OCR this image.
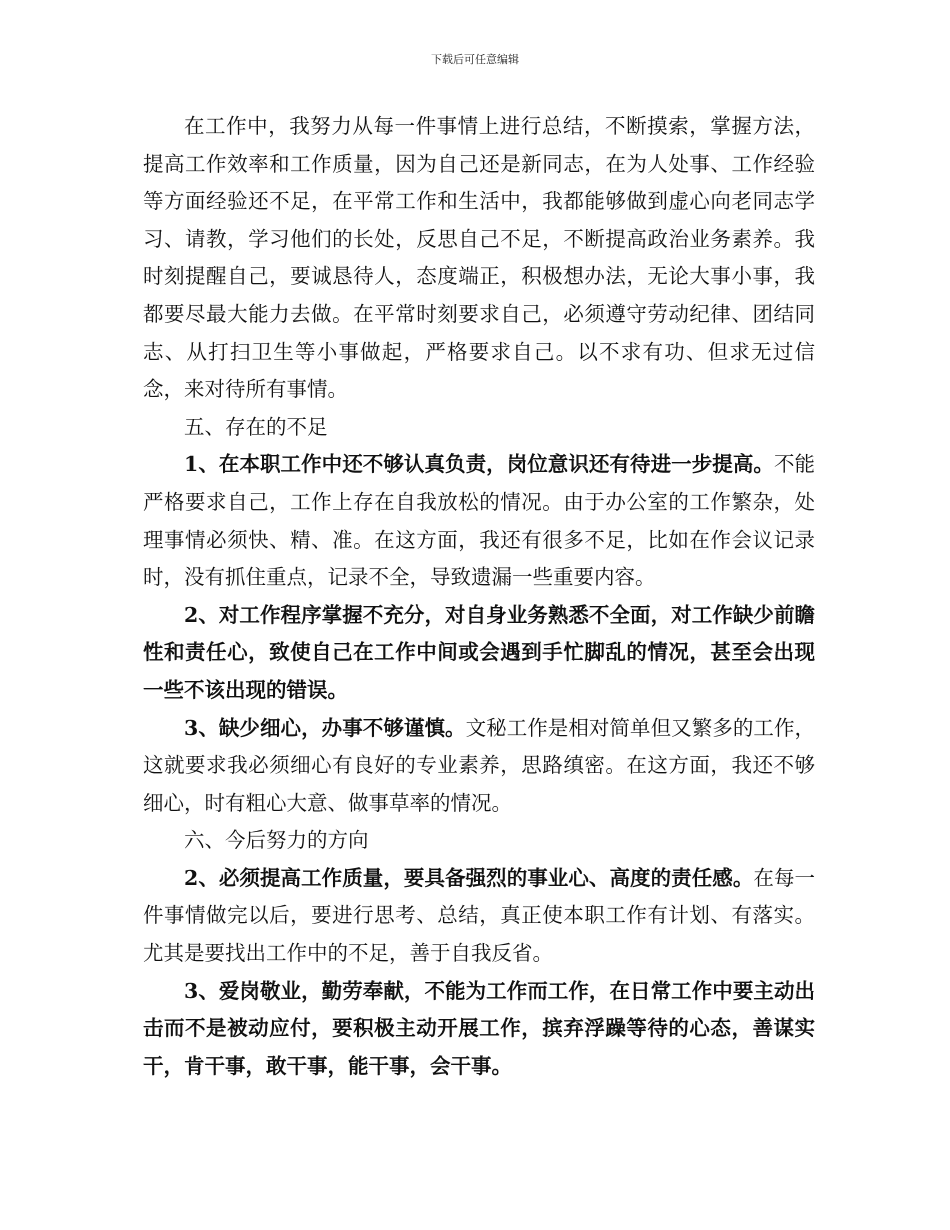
下载后可任意编辑

在工作中，我努力从每一件事情上进行总结，不断摸索，掌握方法，提高工作效率和工作质量，因为自己还是新同志，在为人处事、工作经验等方面经验还不足，在平常工作和生活中，我都能够做到虚心向老同志学习、请教，学习他们的长处，反思自己不足，不断提高政治业务素养。我时刻提醒自己，要诚恳待人，态度端正，积极想办法，无论大事小事，我都要尽最大能力去做。在平常时刻要求自己，必须遵守劳动纪律、团结同志、从打扫卫生等小事做起，严格要求自己。以不求有功、但求无过信念，来对待所有事情。

五、存在的不足

1、在本职工作中还不够认真负责，岗位意识还有待进一步提高。不能严格要求自己，工作上存在自我放松的情况。由于办公室的工作繁杂，处理事情必须快、精、准。在这方面，我还有很多不足，比如在作会议记录时，没有抓住重点，记录不全，导致遗漏一些重要内容。

2、对工作程序掌握不充分，对自身业务熟悉不全面，对工作缺少前瞻性和责任心，致使自己在工作中间或会遇到手忙脚乱的情况，甚至会出现一些不该出现的错误。

3、缺少细心，办事不够谨慎。文秘工作是相对简单但又繁多的工作，这就要求我必须细心有良好的专业素养，思路缜密。在这方面，我还不够细心，时有粗心大意、做事草率的情况。

六、今后努力的方向

2、必须提高工作质量，要具备强烈的事业心、高度的责任感。在每一件事情做完以后，要进行思考、总结，真正使本职工作有计划、有落实。尤其是要找出工作中的不足，善于自我反省。

3、爱岗敬业，勤劳奉献，不能为工作而工作，在日常工作中要主动出击而不是被动应付，要积极主动开展工作，摈弃浮躁等待的心态，善谋实干，肯干事，敢干事，能干事，会干事。
